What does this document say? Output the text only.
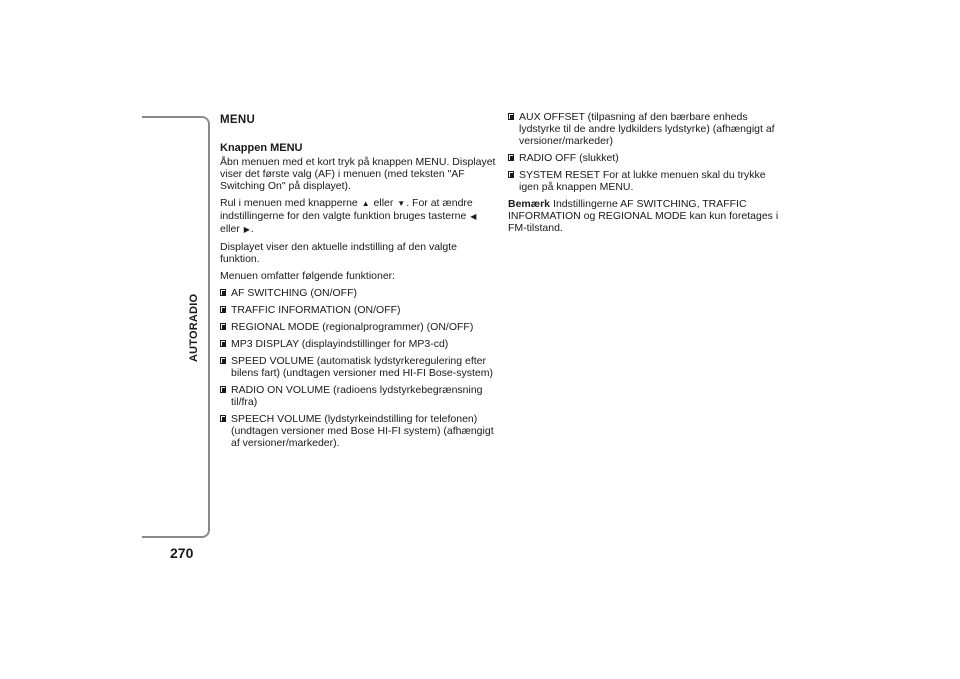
AUTORADIO
270
MENU
Knappen MENU

Åbn menuen med et kort tryk på knappen MENU. Displayet viser det første valg (AF) i menuen (med teksten "AF Switching On" på displayet).

Rul i menuen med knapperne ▲ eller ▼. For at ændre indstillingerne for den valgte funktion bruges tasterne ◀ eller ▶.

Displayet viser den aktuelle indstilling af den valgte funktion.

Menuen omfatter følgende funktioner:

AF SWITCHING (ON/OFF)
TRAFFIC INFORMATION (ON/OFF)
REGIONAL MODE (regionalprogrammer) (ON/OFF)
MP3 DISPLAY (displayindstillinger for MP3-cd)
SPEED VOLUME (automatisk lydstyrkeregulering efter bilens fart) (undtagen versioner med HI-FI Bose-system)
RADIO ON VOLUME (radioens lydstyrkebegrænsning til/fra)
SPEECH VOLUME (lydstyrkeindstilling for telefonen) (undtagen versioner med Bose HI-FI system) (afhængigt af versioner/markeder).
AUX OFFSET (tilpasning af den bærbare enheds lydstyrke til de andre lydkilders lydstyrke) (afhængigt af versioner/markeder)
RADIO OFF (slukket)
SYSTEM RESET For at lukke menuen skal du trykke igen på knappen MENU.

Bemærk Indstillingerne AF SWITCHING, TRAFFIC INFORMATION og REGIONAL MODE kan kun foretages i FM-tilstand.
